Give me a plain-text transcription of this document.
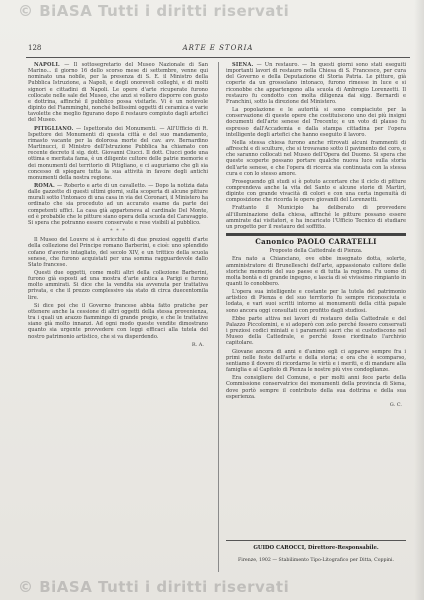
© BiASA Tutti i diritti riservati
128	ARTE E STORIA

NAPOLI. — Il sottosegretario del Museo Nazionale di San Marino... il giorno 16 dello scorso mese di settembre, venne qui nominato una nobile, per la presenza di S. E. il Ministro della Pubblica Istruzione, a Napoli, e degli onorevoli colleghi, e di molti signori e cittadini di Napoli. Le opere d'arte ricuperate furono collocate nelle sale del Museo, che anzi si vollero disporre con gusto e dottrina, affinché il pubblico possa visitarle. Vi è un notevole dipinto del Fiamminghi, nonché bellissimi oggetti di ceramica e varie tavolette che meglio figurano dopo il restauro compiuto dagli artefici del Museo.

PITIGLIANO. — Ispettorato dei Monumenti. — All'Ufficio di R. Ispettore dei Monumenti di questa città e del suo mandamento, rimasto vacante per la dolorosa morte del cav. avv. Bernardino Martinucci, il Ministro dell'Istruzione Pubblica ha chiamato con recente decreto il sig. dott. Giovanni Ciucci. Il dott. Ciucci gode una ottima e meritata fama, è un diligente cultore delle patrie memorie e dei monumenti del territorio di Pitigliano, e ci auguriamo che gli sia concesso di spiegare tutta la sua attività in favore degli antichi monumenti della nostra regione.

ROMA. — Roberto e arte di un cavalletto. — Dopo la notizia data dalle gazzette di questi ultimi giorni, sulla scoperta di alcune pitture murali sotto l'intonaco di una casa in via dei Coronari, il Ministero ha ordinato che sia proceduto ad un accurato esame da parte dei competenti uffici. La casa già apparteneva al cardinale Del Monte, ed è probabile che le pitture siano opera della scuola del Caravaggio. Si spera che potranno essere conservate e rese visibili al pubblico.

* * *

Il Museo del Louvre si è arricchito di due preziosi oggetti d'arte della collezione del Principe romano Barberini, e cioè: uno splendido cofano d'avorio intagliato, del secolo XIV, e un trittico della scuola senese, che furono acquistati per una somma ragguardevole dallo Stato francese.

Questi due oggetti, come molti altri della collezione Barberini, furono già esposti ad una mostra d'arte antica a Parigi e furono molto ammirati. Si dice che la vendita sia avvenuta per trattativa privata, e che il prezzo complessivo sia stato di circa duecentomila lire.

Si dice poi che il Governo francese abbia fatto pratiche per ottenere anche la cessione di altri oggetti della stessa provenienza, tra i quali un arazzo fiammingo di grande pregio, e che le trattative siano già molto innanzi. Ad ogni modo queste vendite dimostrano quanto sia urgente provvedere con leggi efficaci alla tutela del nostro patrimonio artistico, che si va disperdendo.

R. A.

SIENA. — Un restauro. — In questi giorni sono stati eseguiti importanti lavori di restauro nella Chiesa di S. Francesco, per cura del Governo e della Deputazione di Storia Patria. Le pitture, già coperte da un grossolano intonaco, furono rimesse in luce e si riconobbe che appartengono alla scuola di Ambrogio Lorenzetti. Il restauro fu condotto con molta diligenza dai sigg. Bernardi e Franchini, sotto la direzione del Ministero.

La popolazione e le autorità si sono compiaciute per la conservazione di queste opere che costituiscono uno dei più insigni documenti dell'arte senese del Trecento; e un voto di plauso fu espresso dall'Accademia e dalla stampa cittadina per l'opera intelligente degli artefici che hanno eseguito il lavoro.

Nella stessa chiesa furono anche ritrovati alcuni frammenti di affreschi e di sculture, che si trovavano sotto il pavimento del coro, e che saranno collocati nel Museo dell'Opera del Duomo. Si spera che queste scoperte possano portare qualche nuova luce sulla storia dell'arte senese, e che l'opera di ricerca sia continuata con la stessa cura e con lo stesso amore.

Proseguendo gli studi si è potuto accertare che il ciclo di pitture comprendeva anche la vita del Santo e alcune storie di Martiri, dipinte con grande vivacità di colori e con una certa ingenuità di composizione che ricorda le opere giovanili del Lorenzetti.

Frattanto il Municipio ha deliberato di provvedere all'illuminazione della chiesa, affinché le pitture possano essere ammirate dai visitatori, e ha incaricato l'Ufficio Tecnico di studiare un progetto per il restauro del soffitto.

Canonico PAOLO CARATELLI

Proposto della Cattedrale di Pienza.

Era nato a Chianciano, ove ebbe insegnato dotta, solerte, amministratore di Brunelleschi dell'arte, appassionato cultore delle storiche memorie del suo paese e di tutta la regione. Fu uomo di molta bontà e di grande ingegno, e lascia di sé vivissimo rimpianto in quanti lo conobbero.

L'opera sua intelligente e costante per la tutela del patrimonio artistico di Pienza e del suo territorio fu sempre riconosciuta e lodata, e vari suoi scritti intorno ai monumenti della città papale sono ancora oggi consultati con profitto dagli studiosi.

Ebbe parte attiva nei lavori di restauro della Cattedrale e del Palazzo Piccolomini, e si adoperò con zelo perché fossero conservati i preziosi codici miniati e i paramenti sacri che si custodiscono nel Museo della Cattedrale, e perché fosse riordinato l'archivio capitolare.

Giovane ancora di anni e d'animo egli ci apparve sempre fra i primi nelle feste dell'arte e della storia; e ora che è scomparso, sentiamo il dovere di ricordarne le virtù e i meriti, e di mandare alla famiglia e al Capitolo di Pienza le nostre più vive condoglianze.

Era consigliere del Comune, e per molti anni fece parte della Commissione conservatrice dei monumenti della provincia di Siena, dove portò sempre il contributo della sua dottrina e della sua esperienza.

G. C.
GUIDO CAROCCI, Direttore-Responsabile.
Firenze, 1902 — Stabilimento Tipo-Litografico per Ditta, Coppini.
© BiASA Tutti i diritti riservati
